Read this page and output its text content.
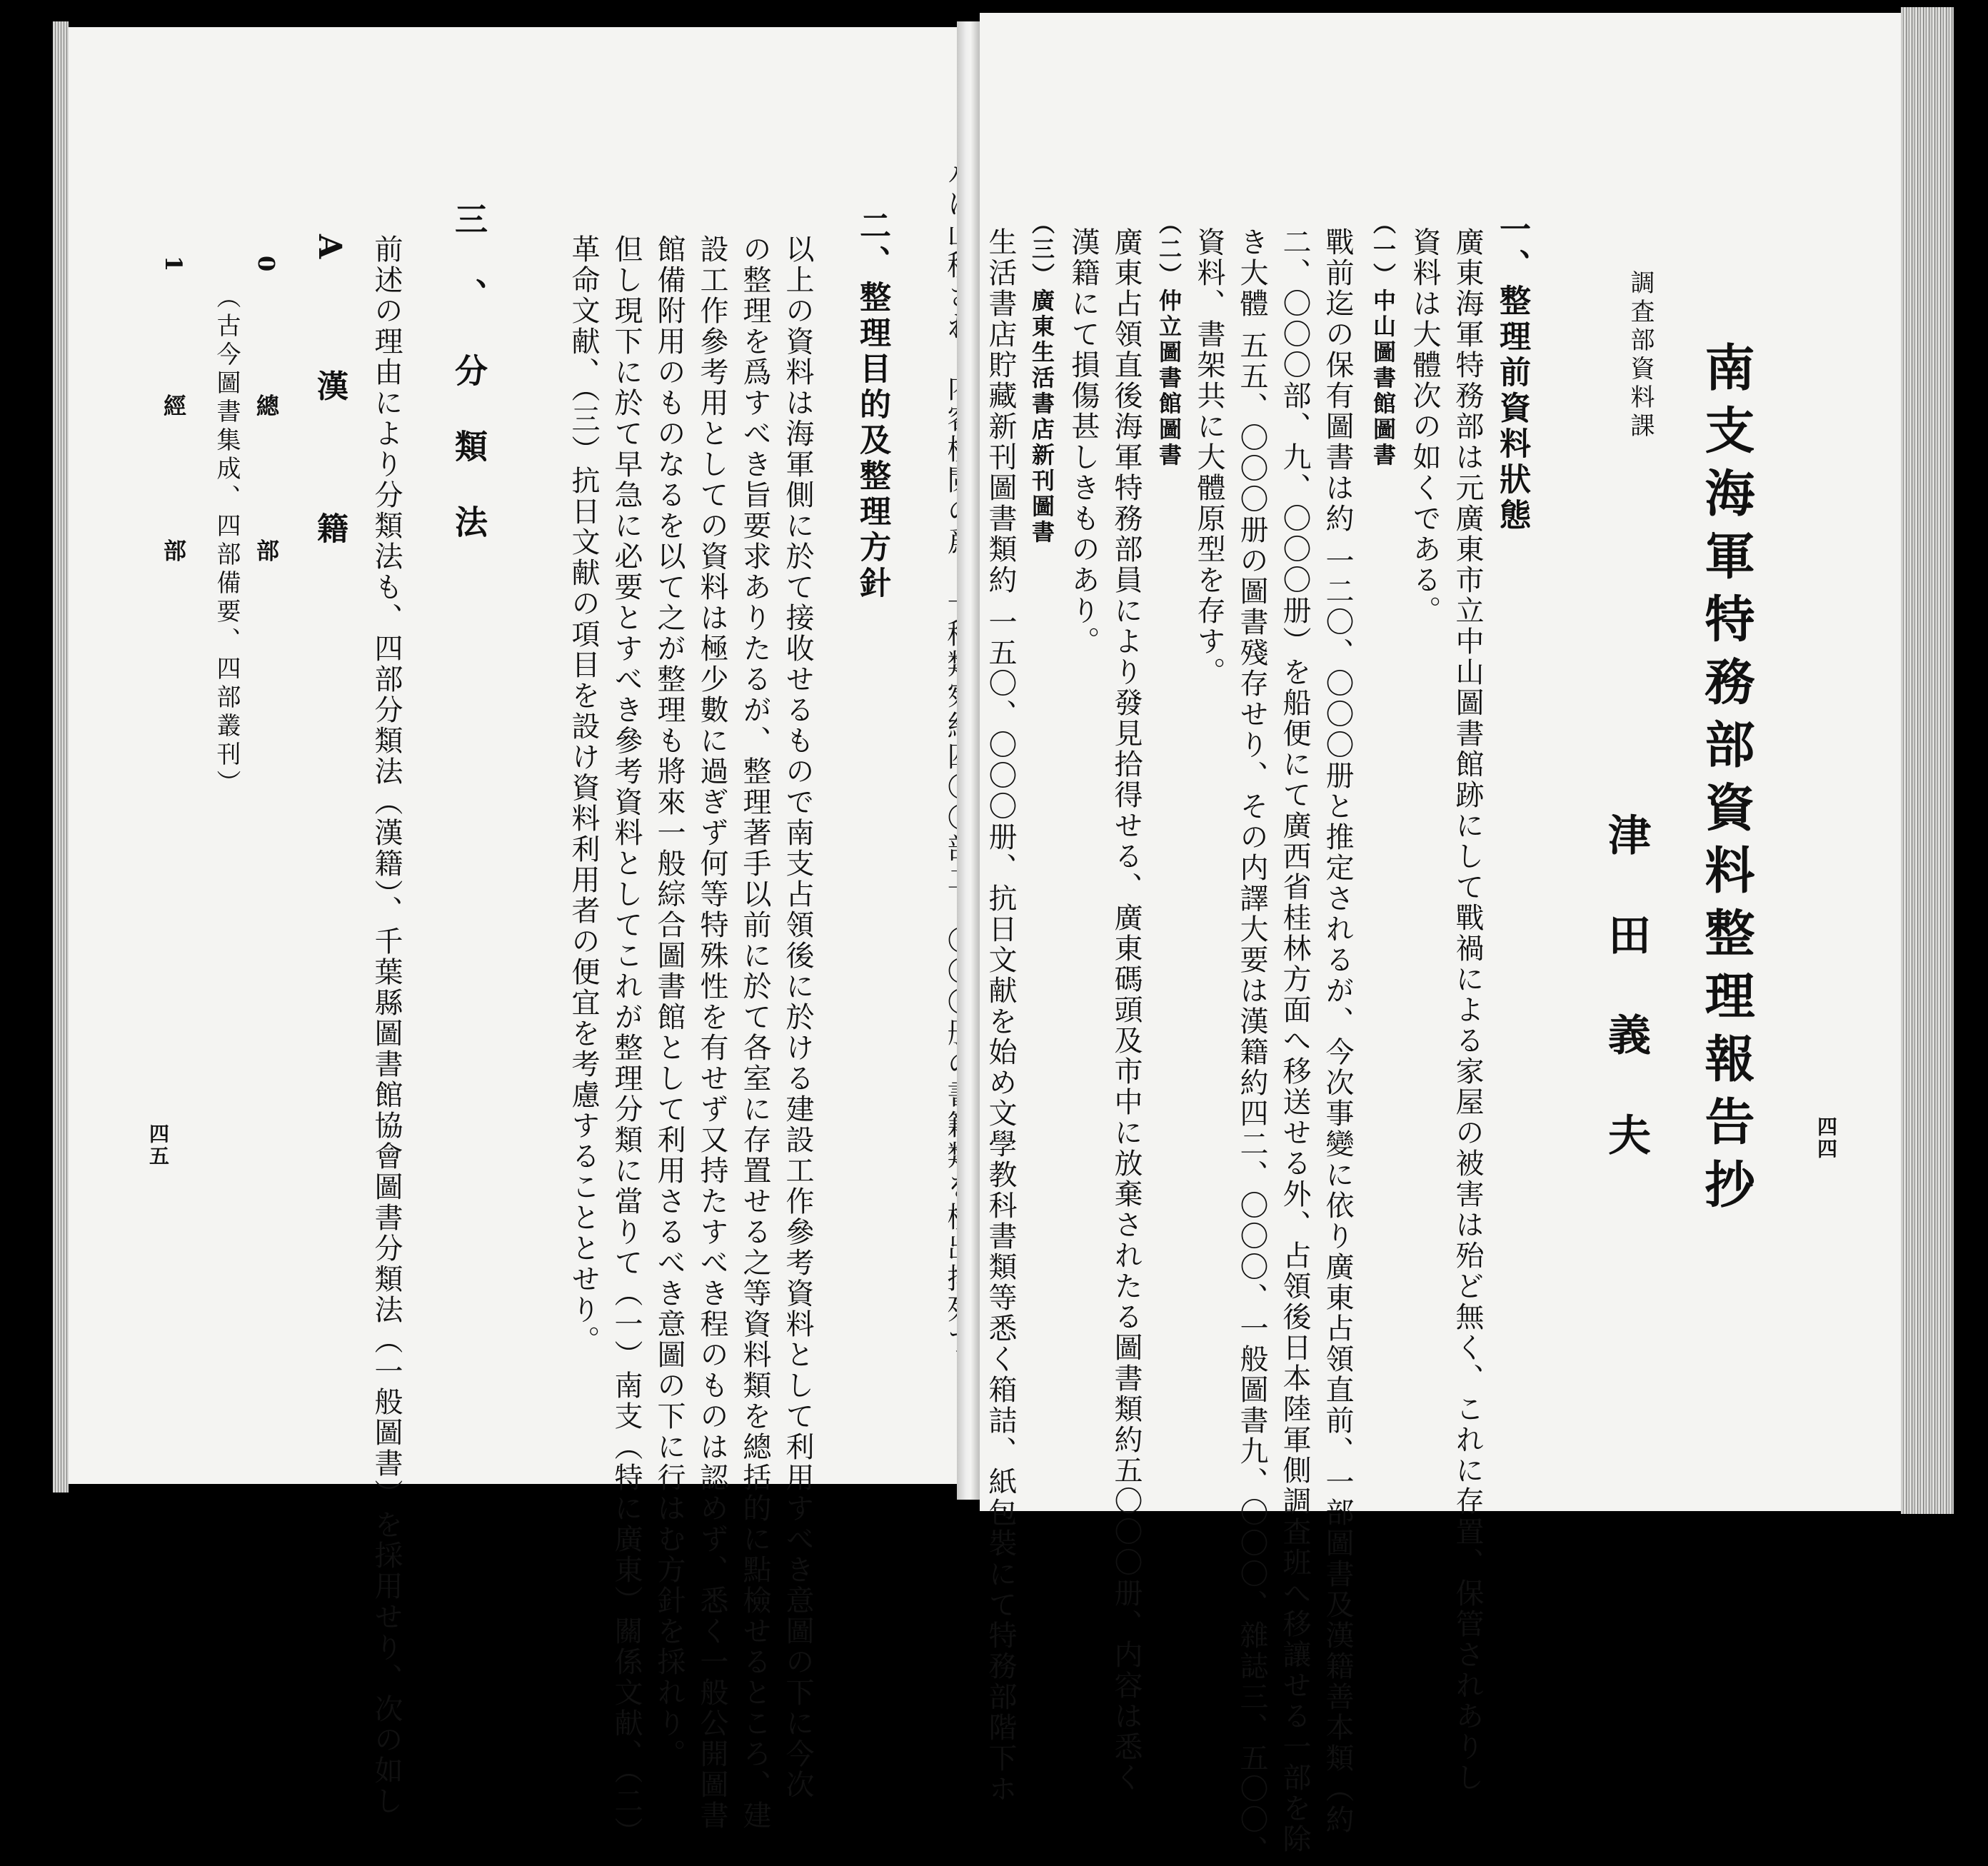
二、整理目的及整理方針
以上の資料は海軍側に於て接收せるもので南支占領後に於ける建設工作參考資料として利用すべき意圖の下に今次
の整理を爲すべき旨要求ありたるが、整理著手以前に於て各室に存置せる之等資料類を總括的に點檢せるところ、建
設工作參考用としての資料は極少數に過ぎず何等特殊性を有せず又持たすべき程のものは認めず、悉く一般公開圖書
館備附用のものなるを以て之が整理も將來一般綜合圖書館として利用さるべき意圖の下に行はむ方針を採れり。
但し現下に於て早急に必要とすべき參考資料としてこれが整理分類に當りて（一）南支（特に廣東）關係文献、（二）
革命文献、（三）抗日文献の項目を設け資料利用者の便宜を考慮することとせり。
三、分類法
前述の理由により分類法も、四部分類法（漢籍）、千葉縣圖書館協會圖書分類法（一般圖書）を採用せり、次の如し
A 漢 籍
0 總 部
（古今圖書集成、四部備要、四部叢刊）
1 經 部
四五	南支海軍特務部資料整理報告抄
調査部資料課
津田義夫	四四
一、整理前資料狀態
廣東海軍特務部は元廣東市立中山圖書館跡にして戰禍による家屋の被害は殆ど無く、これに存置、保管されありし
資料は大體次の如くである。
（一）中山圖書館圖書
戰前迄の保有圖書は約 一二〇、〇〇〇册と推定されるが、今次事變に依り廣東占領直前、一部圖書及漢籍善本類（約
二、〇〇〇部、九、〇〇〇册）を船便にて廣西省桂林方面へ移送せる外、占領後日本陸軍側調査班へ移讓せる一部を除
き大體 五五、〇〇〇册の圖書殘存せり、その内譯大要は漢籍約四二、〇〇〇、一般圖書九、〇〇〇、雜誌三、五〇〇、
資料、書架共に大體原型を存す。
（二）仲立圖書館圖書
廣東占領直後海軍特務部員により發見拾得せる、廣東碼頭及市中に放棄されたる圖書類約五〇〇〇册、内容は悉く
漢籍にて損傷甚しきものあり。
（三）廣東生活書店新刊圖書
生活書店貯藏新刊圖書類約 一五〇、〇〇〇册、抗日文献を始め文學教科書類等悉く箱詰、紙包裝にて特務部階下ホ
